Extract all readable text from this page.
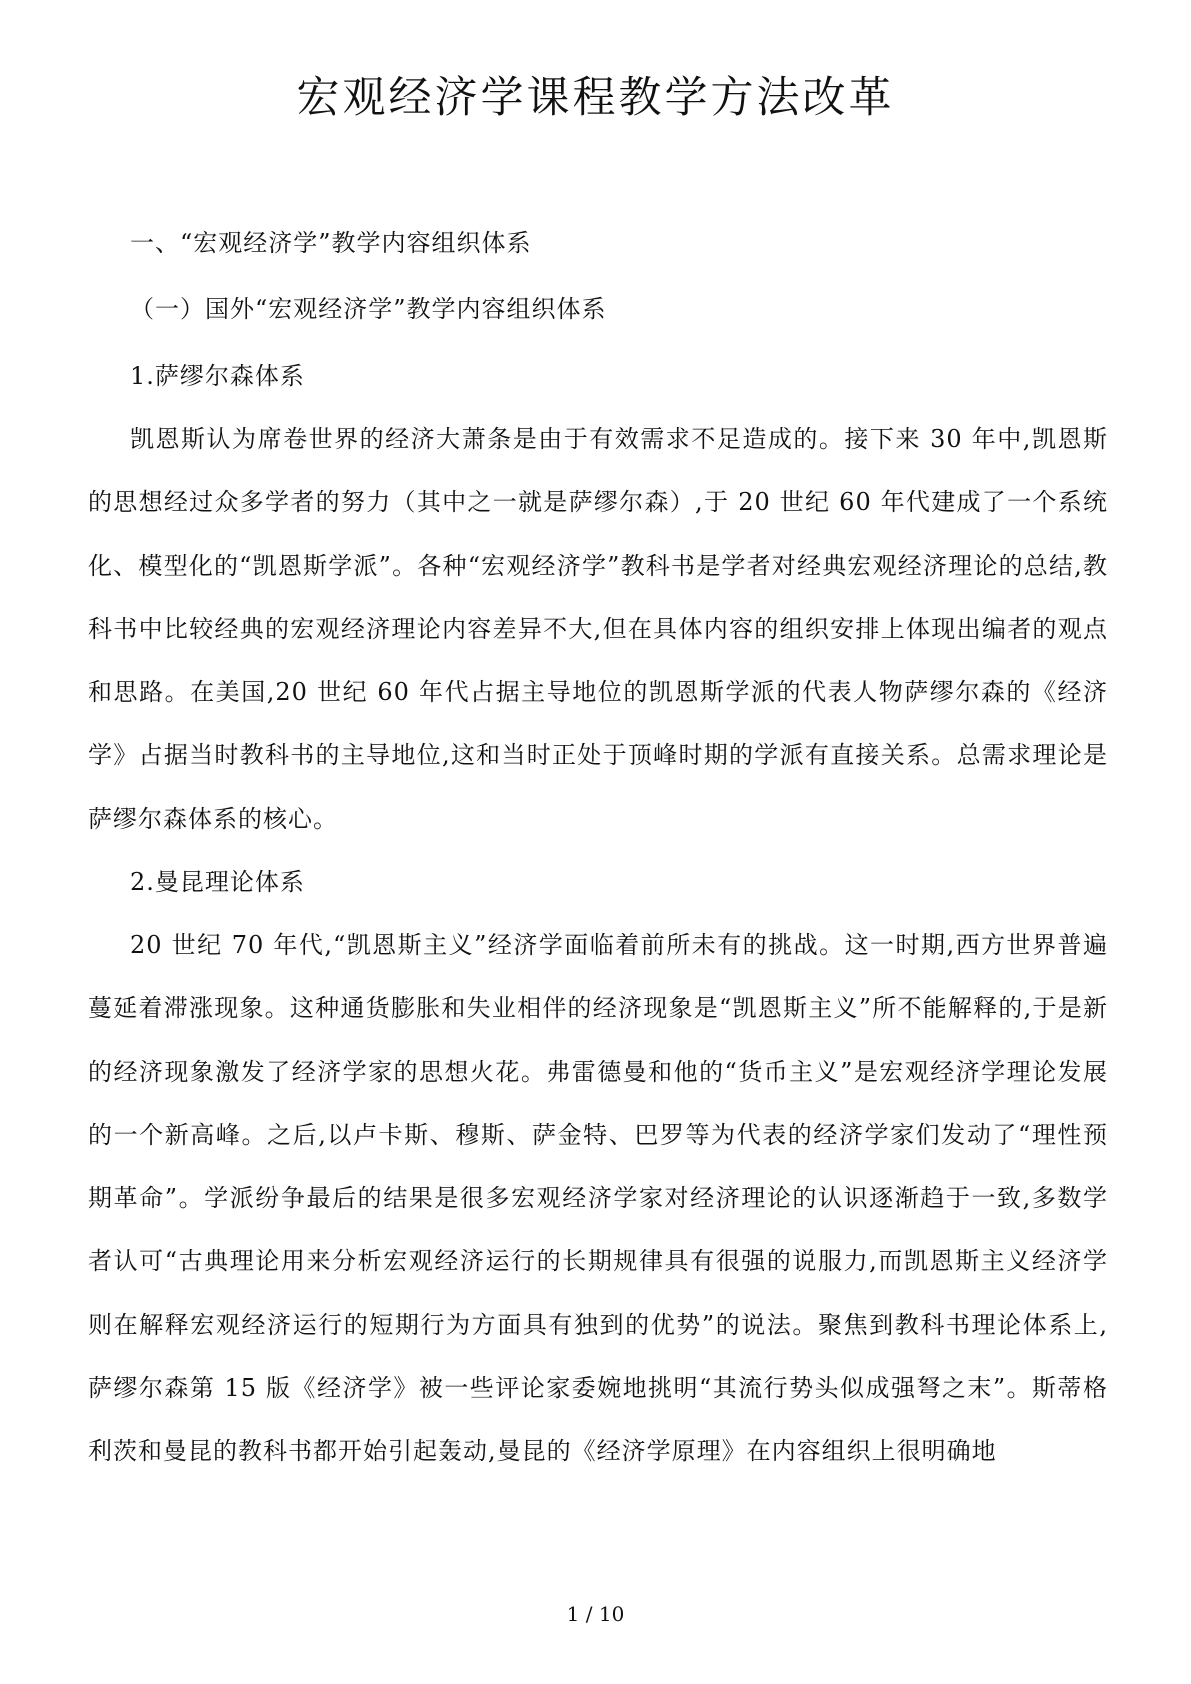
宏观经济学课程教学方法改革
一、“宏观经济学”教学内容组织体系
（一）国外“宏观经济学”教学内容组织体系
1.萨缪尔森体系
凯恩斯认为席卷世界的经济大萧条是由于有效需求不足造成的。接下来 30 年中,凯恩斯的思想经过众多学者的努力（其中之一就是萨缪尔森）,于 20 世纪 60 年代建成了一个系统化、模型化的“凯恩斯学派”。各种“宏观经济学”教科书是学者对经典宏观经济理论的总结,教科书中比较经典的宏观经济理论内容差异不大,但在具体内容的组织安排上体现出编者的观点和思路。在美国,20 世纪 60 年代占据主导地位的凯恩斯学派的代表人物萨缪尔森的《经济学》占据当时教科书的主导地位,这和当时正处于顶峰时期的学派有直接关系。总需求理论是萨缪尔森体系的核心。
2.曼昆理论体系
20 世纪 70 年代,“凯恩斯主义”经济学面临着前所未有的挑战。这一时期,西方世界普遍蔓延着滞涨现象。这种通货膨胀和失业相伴的经济现象是“凯恩斯主义”所不能解释的,于是新的经济现象激发了经济学家的思想火花。弗雷德曼和他的“货币主义”是宏观经济学理论发展的一个新高峰。之后,以卢卡斯、穆斯、萨金特、巴罗等为代表的经济学家们发动了“理性预期革命”。学派纷争最后的结果是很多宏观经济学家对经济理论的认识逐渐趋于一致,多数学者认可“古典理论用来分析宏观经济运行的长期规律具有很强的说服力,而凯恩斯主义经济学则在解释宏观经济运行的短期行为方面具有独到的优势”的说法。聚焦到教科书理论体系上,萨缪尔森第 15 版《经济学》被一些评论家委婉地挑明“其流行势头似成强弩之末”。斯蒂格利茨和曼昆的教科书都开始引起轰动,曼昆的《经济学原理》在内容组织上很明确地
1 / 10
